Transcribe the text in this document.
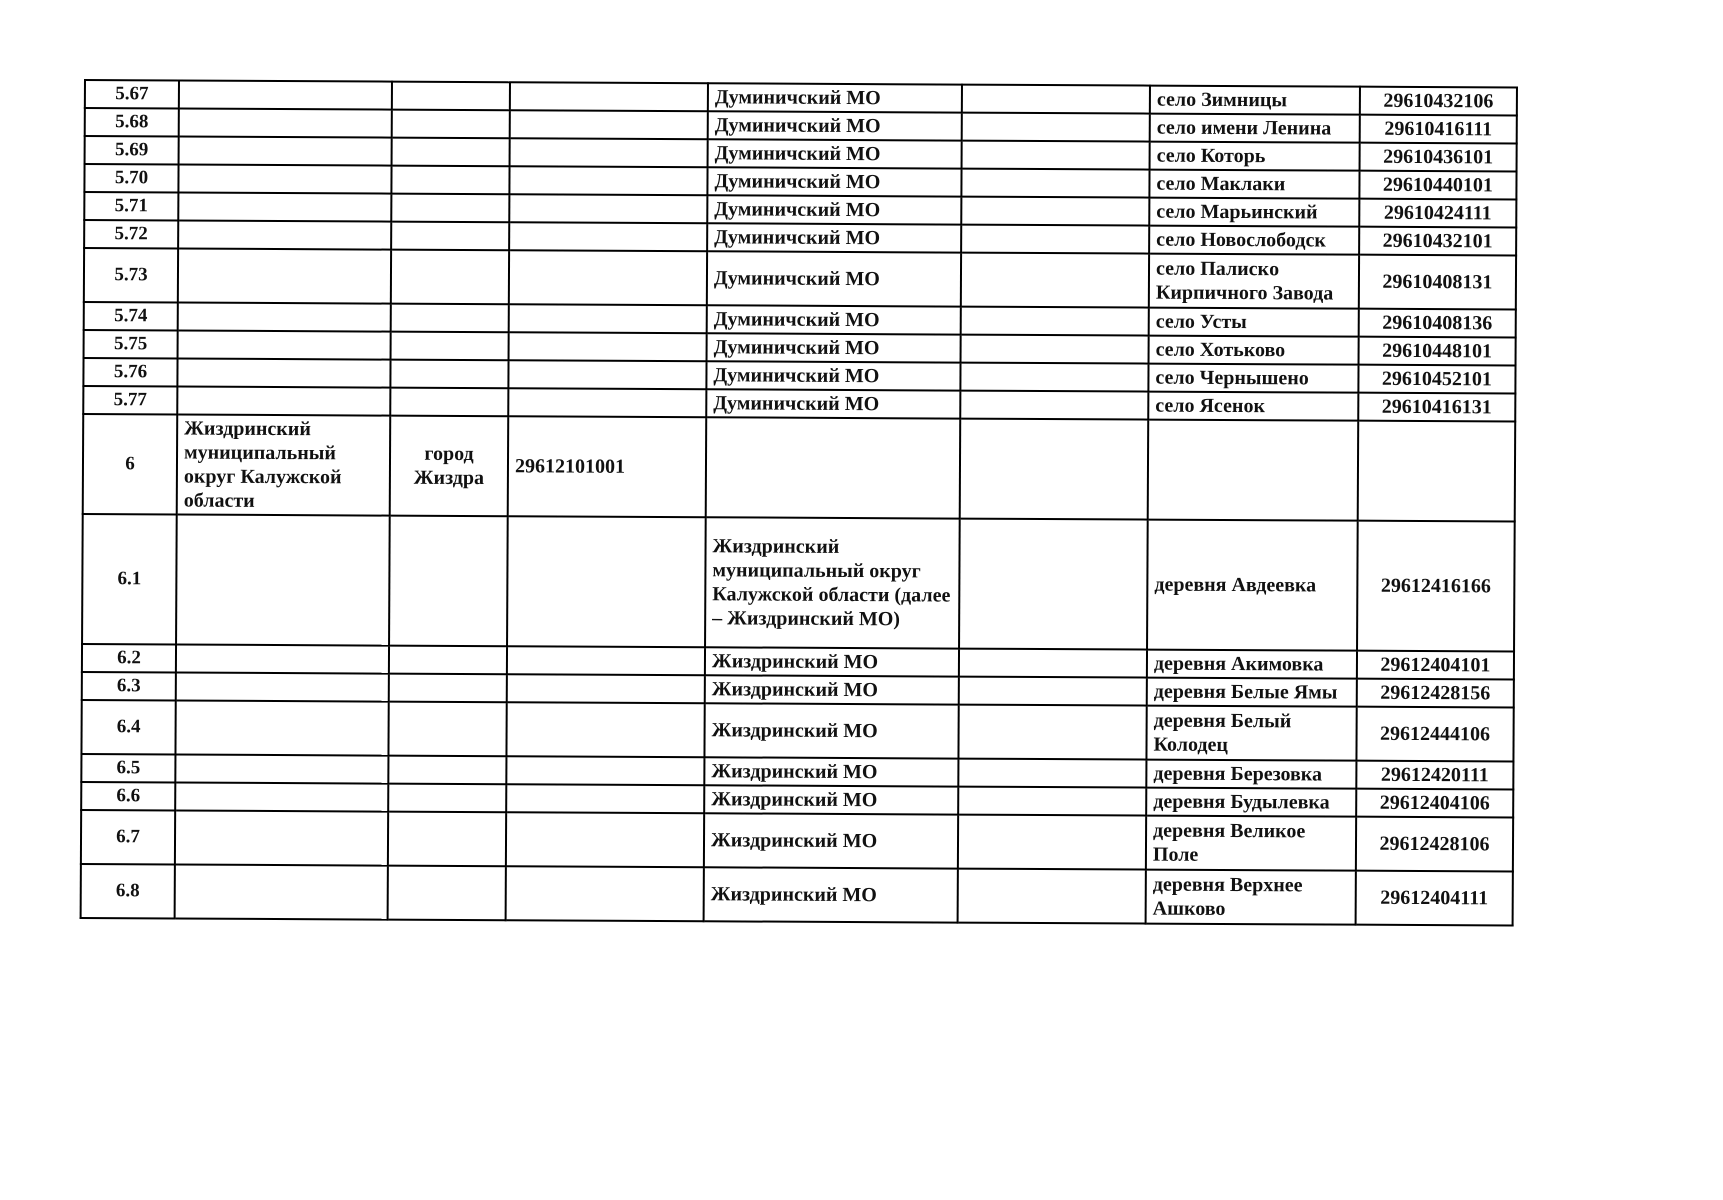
5.67				Думиничский МО		село Зимницы	29610432106
5.68				Думиничский МО		село имени Ленина	29610416111
5.69				Думиничский МО		село Которь	29610436101
5.70				Думиничский МО		село Маклаки	29610440101
5.71				Думиничский МО		село Марьинский	29610424111
5.72				Думиничский МО		село Новослободск	29610432101
5.73				Думиничский МО		село Палискo Кирпичного Завода	29610408131
5.74				Думиничский МО		село Усты	29610408136
5.75				Думиничский МО		село Хотьково	29610448101
5.76				Думиничский МО		село Чернышено	29610452101
5.77				Думиничский МО		село Ясенок	29610416131
6	Жиздринский муниципальный округ Калужской области	город Жиздра	29612101001				
6.1				Жиздринский муниципальный округ Калужской области (далее – Жиздринский МО)		деревня Авдеевка	29612416166
6.2				Жиздринский МО		деревня Акимовка	29612404101
6.3				Жиздринский МО		деревня Белые Ямы	29612428156
6.4				Жиздринский МО		деревня Белый Колодец	29612444106
6.5				Жиздринский МО		деревня Березовка	29612420111
6.6				Жиздринский МО		деревня Будылевка	29612404106
6.7				Жиздринский МО		деревня Великое Поле	29612428106
6.8				Жиздринский МО		деревня Верхнее Ашково	29612404111
